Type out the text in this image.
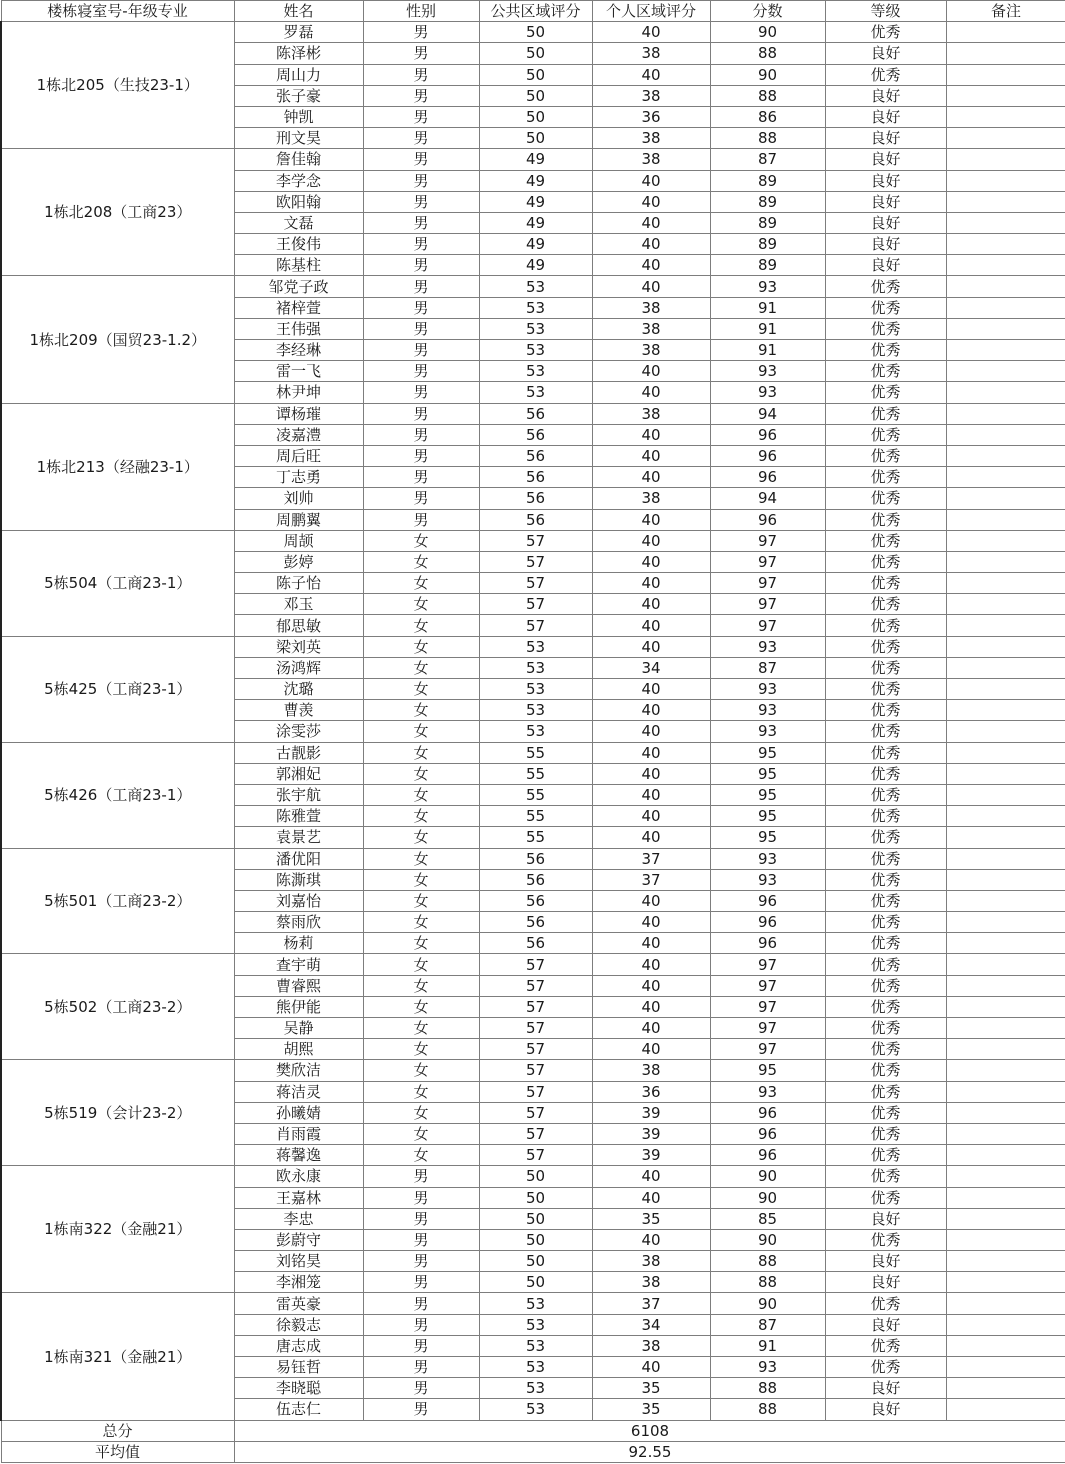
楼栋寝室号-年级专业	姓名	性别	公共区域评分	个人区域评分	分数	等级	备注
1栋北205（生技23-1）	罗磊	男	50	40	90	优秀	
	陈泽彬	男	50	38	88	良好	
	周山力	男	50	40	90	优秀	
	张子豪	男	50	38	88	良好	
	钟凯	男	50	36	86	良好	
	刑文昊	男	50	38	88	良好	
1栋北208（工商23）	詹佳翰	男	49	38	87	良好	
	李学念	男	49	40	89	良好	
	欧阳翰	男	49	40	89	良好	
	文磊	男	49	40	89	良好	
	王俊伟	男	49	40	89	良好	
	陈基柱	男	49	40	89	良好	
1栋北209（国贸23-1.2）	邹党子政	男	53	40	93	优秀	
	褚梓萱	男	53	38	91	优秀	
	王伟强	男	53	38	91	优秀	
	李经琳	男	53	38	91	优秀	
	雷一飞	男	53	40	93	优秀	
	林尹坤	男	53	40	93	优秀	
1栋北213（经融23-1）	谭杨璀	男	56	38	94	优秀	
	凌嘉澧	男	56	40	96	优秀	
	周后旺	男	56	40	96	优秀	
	丁志勇	男	56	40	96	优秀	
	刘帅	男	56	38	94	优秀	
	周鹏翼	男	56	40	96	优秀	
5栋504（工商23-1）	周颉	女	57	40	97	优秀	
	彭婷	女	57	40	97	优秀	
	陈子怡	女	57	40	97	优秀	
	邓玉	女	57	40	97	优秀	
	郁思敏	女	57	40	97	优秀	
5栋425（工商23-1）	梁刘英	女	53	40	93	优秀	
	汤鸿辉	女	53	34	87	优秀	
	沈璐	女	53	40	93	优秀	
	曹羡	女	53	40	93	优秀	
	涂雯莎	女	53	40	93	优秀	
5栋426（工商23-1）	古靓影	女	55	40	95	优秀	
	郭湘妃	女	55	40	95	优秀	
	张宇航	女	55	40	95	优秀	
	陈雅萱	女	55	40	95	优秀	
	袁景艺	女	55	40	95	优秀	
5栋501（工商23-2）	潘优阳	女	56	37	93	优秀	
	陈澌琪	女	56	37	93	优秀	
	刘嘉怡	女	56	40	96	优秀	
	蔡雨欣	女	56	40	96	优秀	
	杨莉	女	56	40	96	优秀	
5栋502（工商23-2）	查宇萌	女	57	40	97	优秀	
	曹睿熙	女	57	40	97	优秀	
	熊伊能	女	57	40	97	优秀	
	吴静	女	57	40	97	优秀	
	胡熙	女	57	40	97	优秀	
5栋519（会计23-2）	樊欣洁	女	57	38	95	优秀	
	蒋洁灵	女	57	36	93	优秀	
	孙曦婧	女	57	39	96	优秀	
	肖雨霞	女	57	39	96	优秀	
	蒋馨逸	女	57	39	96	优秀	
1栋南322（金融21）	欧永康	男	50	40	90	优秀	
	王嘉林	男	50	40	90	优秀	
	李忠	男	50	35	85	良好	
	彭蔚守	男	50	40	90	优秀	
	刘铭昊	男	50	38	88	良好	
	李湘笼	男	50	38	88	良好	
1栋南321（金融21）	雷英豪	男	53	37	90	优秀	
	徐毅志	男	53	34	87	良好	
	唐志成	男	53	38	91	优秀	
	易钰哲	男	53	40	93	优秀	
	李晓聪	男	53	35	88	良好	
	伍志仁	男	53	35	88	良好	
总分	6108						
平均值	92.55						
